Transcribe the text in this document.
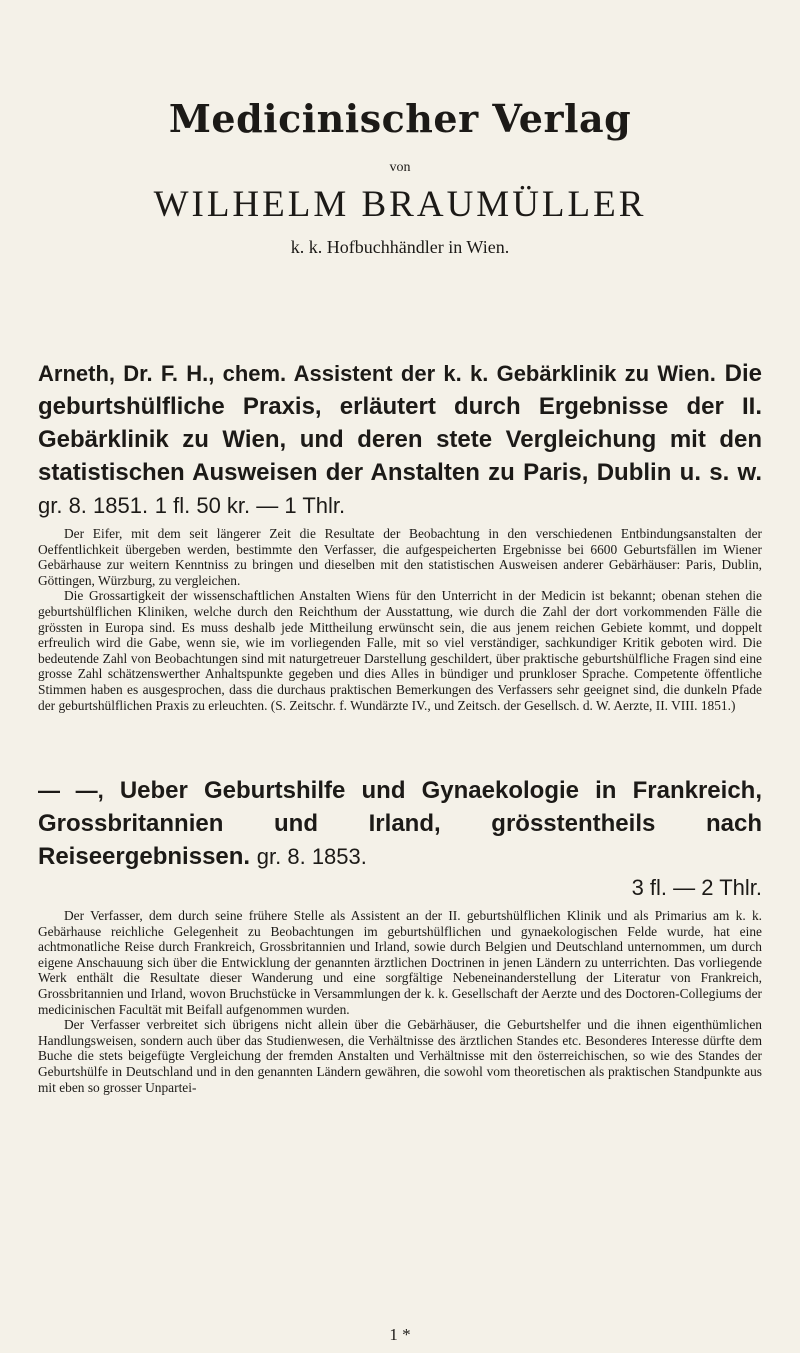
Medicinischer Verlag
von
WILHELM BRAUMÜLLER
k. k. Hofbuchhändler in Wien.
Arneth, Dr. F. H., chem. Assistent der k. k. Gebärklinik zu Wien. Die geburtshülfliche Praxis, erläutert durch Ergebnisse der II. Gebärklinik zu Wien, und deren stete Vergleichung mit den statistischen Ausweisen der Anstalten zu Paris, Dublin u. s. w. gr. 8. 1851. 1 fl. 50 kr. — 1 Thlr.

Der Eifer, mit dem seit längerer Zeit die Resultate der Beobachtung in den verschiedenen Entbindungsanstalten der Oeffentlichkeit übergeben werden, bestimmte den Verfasser, die aufgespeicherten Ergebnisse bei 6600 Geburtsfällen im Wiener Gebärhause zur weitern Kenntniss zu bringen und dieselben mit den statistischen Ausweisen anderer Gebärhäuser: Paris, Dublin, Göttingen, Würzburg, zu vergleichen.

Die Grossartigkeit der wissenschaftlichen Anstalten Wiens für den Unterricht in der Medicin ist bekannt; obenan stehen die geburtshülflichen Kliniken, welche durch den Reichthum der Ausstattung, wie durch die Zahl der dort vorkommenden Fälle die grössten in Europa sind. Es muss deshalb jede Mittheilung erwünscht sein, die aus jenem reichen Gebiete kommt, und doppelt erfreulich wird die Gabe, wenn sie, wie im vorliegenden Falle, mit so viel verständiger, sachkundiger Kritik geboten wird. Die bedeutende Zahl von Beobachtungen sind mit naturgetreuer Darstellung geschildert, über praktische geburtshülfliche Fragen sind eine grosse Zahl schätzenswerther Anhaltspunkte gegeben und dies Alles in bündiger und prunkloser Sprache. Competente öffentliche Stimmen haben es ausgesprochen, dass die durchaus praktischen Bemerkungen des Verfassers sehr geeignet sind, die dunkeln Pfade der geburtshülflichen Praxis zu erleuchten. (S. Zeitschr. f. Wundärzte IV., und Zeitsch. der Gesellsch. d. W. Aerzte, II. VIII. 1851.)

— —, Ueber Geburtshilfe und Gynaekologie in Frankreich, Grossbritannien und Irland, grösstentheils nach Reiseergebnissen. gr. 8. 1853.
3 fl. — 2 Thlr.

Der Verfasser, dem durch seine frühere Stelle als Assistent an der II. geburtshülflichen Klinik und als Primarius am k. k. Gebärhause reichliche Gelegenheit zu Beobachtungen im geburtshülflichen und gynaekologischen Felde wurde, hat eine achtmonatliche Reise durch Frankreich, Grossbritannien und Irland, sowie durch Belgien und Deutschland unternommen, um durch eigene Anschauung sich über die Entwicklung der genannten ärztlichen Doctrinen in jenen Ländern zu unterrichten. Das vorliegende Werk enthält die Resultate dieser Wanderung und eine sorgfältige Nebeneinanderstellung der Literatur von Frankreich, Grossbritannien und Irland, wovon Bruchstücke in Versammlungen der k. k. Gesellschaft der Aerzte und des Doctoren-Collegiums der medicinischen Facultät mit Beifall aufgenommen wurden.

Der Verfasser verbreitet sich übrigens nicht allein über die Gebärhäuser, die Geburtshelfer und die ihnen eigenthümlichen Handlungsweisen, sondern auch über das Studienwesen, die Verhältnisse des ärztlichen Standes etc. Besonderes Interesse dürfte dem Buche die stets beigefügte Vergleichung der fremden Anstalten und Verhältnisse mit den österreichischen, so wie des Standes der Geburtshülfe in Deutschland und in den genannten Ländern gewähren, die sowohl vom theoretischen als praktischen Standpunkte aus mit eben so grosser Unpartei-

1 *
